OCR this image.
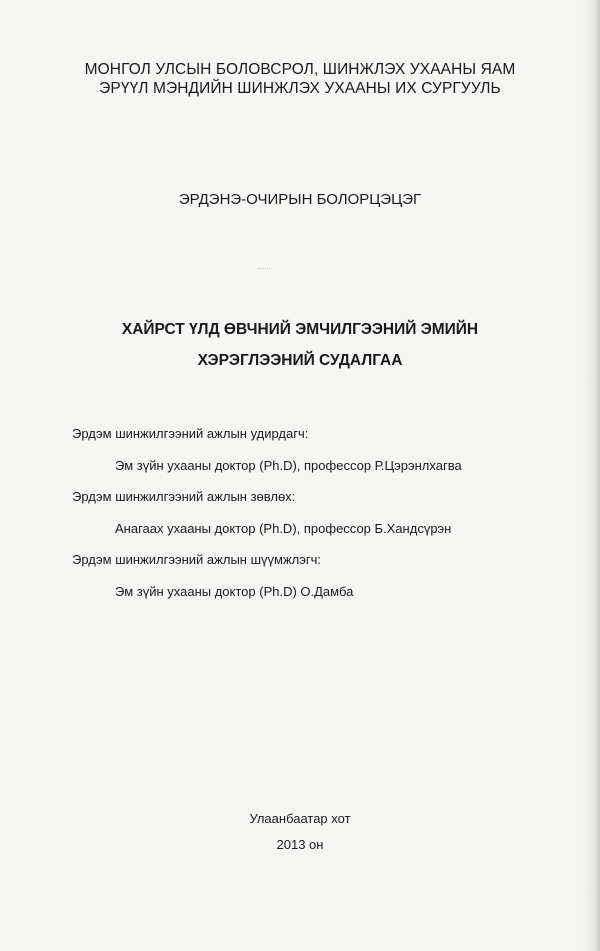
МОНГОЛ УЛСЫН БОЛОВСРОЛ, ШИНЖЛЭХ УХААНЫ ЯАМ
ЭРҮҮЛ МЭНДИЙН ШИНЖЛЭХ УХААНЫ ИХ СУРГУУЛЬ
ЭРДЭНЭ-ОЧИРЫН БОЛОРЦЭЦЭГ
ХАЙРСТ ҮЛД ӨВЧНИЙ ЭМЧИЛГЭЭНИЙ ЭМИЙН
ХЭРЭГЛЭЭНИЙ СУДАЛГАА
Эрдэм шинжилгээний ажлын удирдагч:
Эм зүйн ухааны доктор (Ph.D), профессор Р.Цэрэнлхагва
Эрдэм шинжилгээний ажлын зөвлөх:
Анагаах ухааны доктор (Ph.D), профессор Б.Хандсүрэн
Эрдэм шинжилгээний ажлын шүүмжлэгч:
Эм зүйн ухааны доктор (Ph.D) О.Дамба
Улаанбаатар хот
2013 он
